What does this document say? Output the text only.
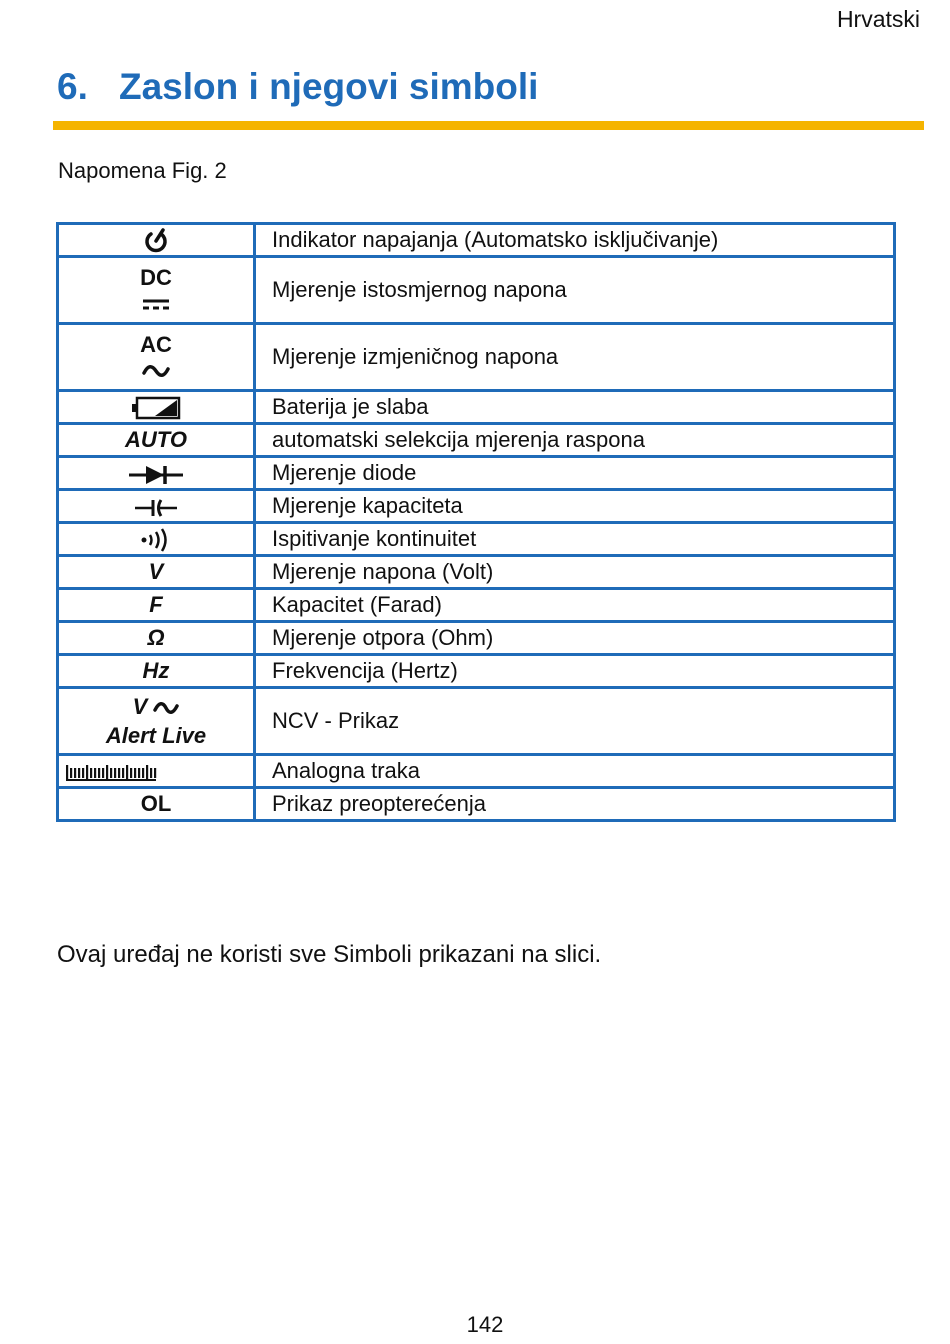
Hrvatski
6. Zaslon i njegovi simboli
Napomena Fig. 2
	Indikator napajanja (Automatsko isključivanje)

DC	Mjerenje istosmjernog napona

AC	Mjerenje izmjeničnog napona
	Baterija je slaba
AUTO	automatski selekcija mjerenja raspona
	Mjerenje diode
	Mjerenje kapaciteta
	Ispitivanje kontinuitet
V	Mjerenje napona (Volt)
F	Kapacitet (Farad)
Ω	Mjerenje otpora (Ohm)
Hz	Frekvencija (Hertz)

V
Alert Live	NCV - Prikaz
	Analogna traka
OL	Prikaz preopterećenja
Ovaj uređaj ne koristi sve Simboli prikazani na slici.
142
